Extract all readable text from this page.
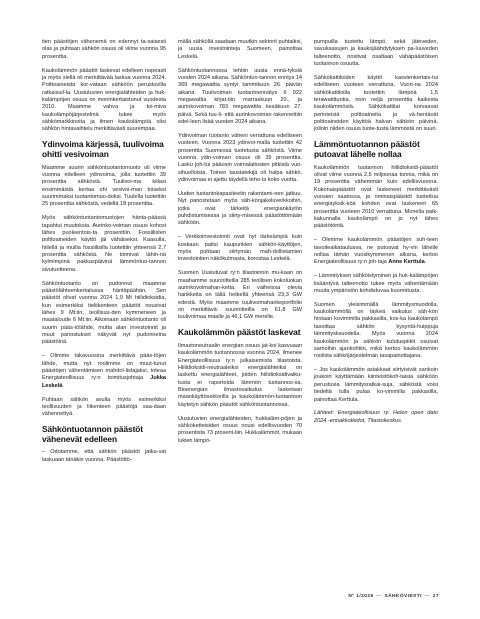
tien päästöjen vähenemä on edennyt ta-saisesti olas ja puhtaan sähkön osuus oli viime vuonna 95 prosenttia.

Kaukolämmön päästöt laskevat edelleen nopeasti ja myös siellä oli merkittävää laskua vuonna 2024. Polttoaineista kor-vataan sähköön perustuvilla ratkaisuil-la. Uusiutuvien energialähteiden ja huk-kalämpöjen osuus on moninkertaistunut vuodesta 2010. Maamme vahva ja toi-miva kaukolämpöjärjestelmä tukee myös sähkömarkkinoita ja ilmen kaukolämpöä olisi sähkön hintavaihtelu merkittävästi suurempaa.

Ydinvoima kärjessä, tuulivoima ohitti vesivoiman

Maamme suurin sähköntuotantomuoto oli viime vuonna edelleen ydinvoima, jolla tuotettiin 39 prosenttia sähköstä. Tuulivoi-ma kiilasi ensimmäistä kertaa ohi vesivoi-man toiseksi suurimmaksi tuotantomuo-doksi. Tuulella tuotettiin 25 prosenttia sähköstä, vedellä 18 prosenttia.

Myös sähköntuotantomuotojen hänta-päässä tapahtui muutoksia. Aurinko-voiman osuus kohosi lähes puoleentois-ta prosenttiin. Fossiilisten polttoaineiden käyttö jäi vähäiseksi. Kaasulla, hiilellä ja muilla fossiilisilla tuotettiin yhteensä 2,7 prosenttia sähköstä. Ne toimivat lähin-nä kylmimpinä pakkaspäivinä lämmöntuo-tannon sivutuotteena.

Sähköntuotanto on pudonnut maamme päästölähteenkertailussa häntäpäähän. Sen päästöt olivat vuonna 2024 1,9 Mt hiilidioksidia, kun esimerkiksi tieliikenteen päästöt nousivat lähes 9 Mt:iin, teollisuu-den kymmeneen ja maataloude 6 Mt:iin. Aikoinaan sähköntuotanto oli suurin pääs-tölähde, mutta alan investoinnit ja muut panostukset näkyvät nyt pudonneina päästöinä.

– Olimme takavuosina merkittävä pääs-töjen lähde, mutta nyt roolimme on muut-tunut päästöjen vähentämisen mahdol-listajaksi, toteaa Energiateollisuus ry:n toimitusjohtaja Jukka Leskelä.

Puhtaan sähkön avulla myös esimerkiksi teollisuuden ja liikenteen päästöjä saa-daan vähennettyä.

Sähköntuotannon päästöt vähenevät edelleen

– Odotamme, että sähkön päästöt jatka-vat laskuaan tänäkin vuonna. Päästöttö-

mällä sähköllä saadaan muutkin sektorit puhtaiksi, ja uusia investointeja Suomeen, painottaa Leskelä.

Sähköntuotannossa tehtiin uusia ennä-tyksiä vuoden 2024 aikana. Sähköntuo-tannon enntys 14 369 megawattia syntyi tammikuun 26. päivän aikana. Tuulivoiman tuotantoennätys 6 922 megawattia kirjat-tiin marraskuun 20., ja aurinkovoiman 783 megawattia kesäkuun 27. päivä. Sekä tuu-li- että aurinkovoiman rakennettiin edel-leen lisää vuoden 2024 aikana.

Ydinvoiman tuotanto väheni verrattuna edelliseen vuoteen. Vuonna 2023 ydinvoi-malla tuotettiin 42 prosenttia Suomessa tuotetusta sähköstä. Viime vuonna ydin-voiman osuus oli 39 prosenttia. Lasku joh-tui pääosin voimalaitosten pitkistä vuo-sihuolloista. Toinen taustatekijä oli halpa sähkö, ydinvoimaa ei ajettu täydellä teho-la koko vuotta.

Uuden tuotantokapasiteetin rakentami-nen jatkuu. Nyt panostetaan myös säh-könjakeluverkkoihin, jotka ovat tärkeitä energiankäytön puhdistumisessa ja siirty-misessä päästöttömään sähköön.

– Verkkoinvestoinnit ovat nyt tärkeämpiä kuin koskaan paitsi kaupunkien sähkön-käyttöjen, myös puhtaan siirtymän mah-dollistamien investointien näkökulmasta, korostaa Leskelä.

Suomen Uusiutuvat ry:n tilastoinnin mu-kaan on maahamme suunnitteilla 285 teollisen kokoluokan aurinkovoimahan-ketta. Eri vaiheissa olevia hankkeita on tällä hetkellä yhteensä 23,3 GW edestä. Myös maamme tuulivoimahankeportfolio on merkittävä: suunnitteilla on 61,8 GW tuulivoimaa maalle ja 46,1 GW merelle.

Kaukolämmön päästöt laskevat

Ilmastoneutraalin energian osuus jat-koi kasvuaan kaukolämmön tuotannossa vuonna 2024, ilmenee Energiateollisuus ry:n julkaisemista tilastoista. Hiilidioksidi-neutraaleiksi energialähteiksi on laskettu energialähteet, joiden hiilidioksidivaiku-tusta ei raportoida lämmön tuotannos-sa. Bioenergian ilmastovaikutus lasketaan maankäyttösektorilla ja kaukolämmön-tuotantoon käytetyn sähkön päästöt sähköntuotannossa.

Uusiutuvien energialähteiden, hukkaläm-pöjen ja sähköketteisiden osuus nousi edellisvuoden 70 prosentista 73 prosent-tiin. Hukkalämmöt, mukaan lukien lämpö-

pumpuilla tuotettu lämpö, sekä jäteveden, savukaasujen ja kaukojäähdytyksen pa-luuveden talteenotto, nostivat osaltaan vähäpäästöisen tuotannon osuutta.

Sähkökattiloiden käyttö kasvienkertais-tui edelliseen vuoteen verrattuna. Vuon-na 2024 sähkökattiloilla tuotettiin lämpöä 1,5 terawattituntia, noin neljä prosenttia kaikesta kaukolämmöstä. Sähkökattilat korvaavat perinteisiä polttoaineita ja vä-hentävät polttoaineiden käyttöä halvan sähkön päivinä, jolloin niiden osuus tuote-tusta lämmöstä on suuri.

Lämmöntuotannon päästöt putoavat lähelle nollaa

Kaukolämmön tuotannon hiilidioksidi-päästöt olivat viime vuonna 2,5 miljoonaa tonnia, mikä on 19 prosenttia vähemmän kuin edellisvuonna. Kokonaispäästöt ovat laskeneet merkittävästi vuosien saatossa, ja ominaispäästöt tuotettua energiayksik-köä kohden ovat laskeneet 65 prosenttia vuoteen 2010 verrattuna. Monella paik-kakunnalla kaukolämpö on jo nyt lähes päästötöntä.

– Olemme kaukolämmön päästöjen suh-teen tavoiteaikataulussa, ne putoavat hy-vin lähelle nollaa tämän vuosikymmenen aikana, kertoo Energiateollisuus ry:n joh-taja Anne Kerttula.

– Lämmityksen sähköistyminen ja huk-kalämpöjen lisääntyvä talteenotto tukee myös vähentämään muuta ympäristön kohdistuvaa kuormitusta.

Suomen yleisimmällä lämmitysmuodolla, kaukolämmöllä on tärkeä vaikutus säh-kön hintaan kovimmilla pakkasilla, kos-ka kaukolämpö tasoittaa sähkön kysyntä-huippuja lämmitysksuodella. Myös vuonna 2024 kaukolämmön ja sähkön kulutuspiikit osuivat samoihin ajankohtiin, mikä kertoo kaukolämmön roolista sähköjärjestelmän tasapainottajana.

– Jos kaukolämmön asiakkaat siirtyisivät sankoin joukoin käyttämään kiinteistökoh-taisia sähköön perustuvia lämmitysratkai-suja, sähköstä voisi tiedeltä tulla pulaa ko-vimmilla pakkasilla, painottaa Kerttula.

Lähteet: Energiateollisuus ry. Helen open dato 2024 -ennakkotiedot, Tilastokeskus.

Nº 1/2025 — SÄHKÖVIESTI — 27
